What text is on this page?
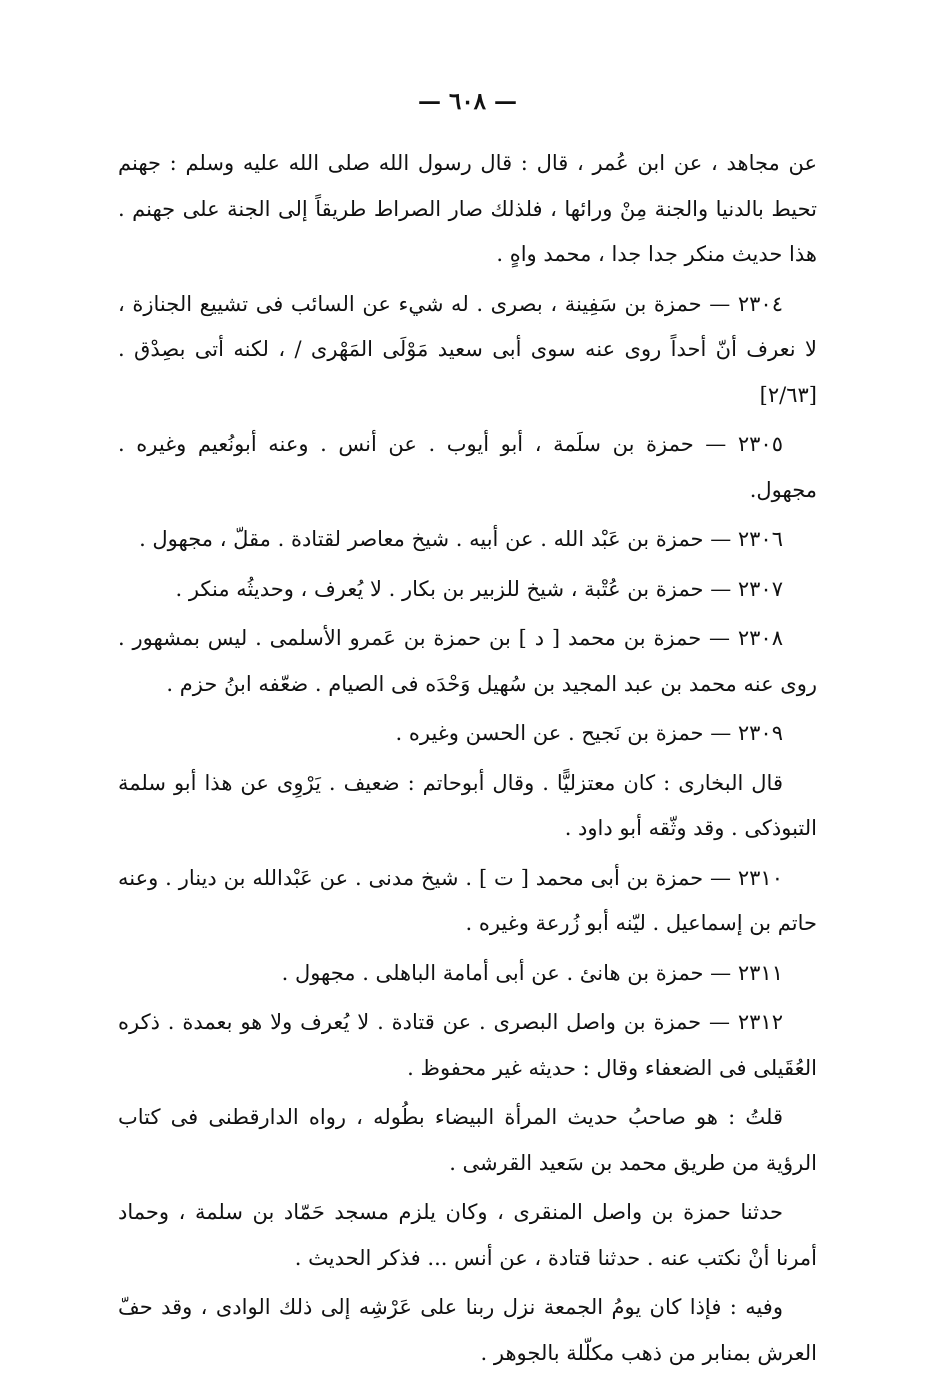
— ٦٠٨ —

عن مجاهد ، عن ابن عُمر ، قال : قال رسول الله صلى الله عليه وسلم : جهنم تحيط بالدنيا والجنة مِنْ ورائها ، فلذلك صار الصراط طريقاً إلى الجنة على جهنم . هذا حديث منكر جدا جدا ، محمد واهٍ .

٢٣٠٤ — حمزة بن سَفِينة ، بصرى . له شيء عن السائب فى تشييع الجنازة ، لا نعرف أنّ أحداً روى عنه سوى أبى سعيد مَوْلَى المَهْرى / ، لكنه أتى بصِدْق . [٢/٦٣]

٢٣٠٥ — حمزة بن سلَمة ، أبو أيوب . عن أنس . وعنه أبونُعيم وغيره . مجهول.

٢٣٠٦ — حمزة بن عَبْد الله . عن أبيه . شيخ معاصر لقتادة . مقلّ ، مجهول .

٢٣٠٧ — حمزة بن عُتْبة ، شيخ للزبير بن بكار . لا يُعرف ، وحديثُه منكر .

٢٣٠٨ — حمزة بن محمد [ د ] بن حمزة بن عَمرو الأسلمى . ليس بمشهور . روى عنه محمد بن عبد المجيد بن سُهيل وَحْدَه فى الصيام . ضعّفه ابنُ حزم .

٢٣٠٩ — حمزة بن نَجيح . عن الحسن وغيره .

قال البخارى : كان معتزليًّا . وقال أبوحاتم : ضعيف . يَرْوِى عن هذا أبو سلمة التبوذكى . وقد وثّقه أبو داود .

٢٣١٠ — حمزة بن أبى محمد [ ت ] . شيخ مدنى . عن عَبْدالله بن دينار . وعنه حاتم بن إسماعيل . ليّنه أبو زُرعة وغيره .

٢٣١١ — حمزة بن هانئ . عن أبى أمامة الباهلى . مجهول .

٢٣١٢ — حمزة بن واصل البصرى . عن قتادة . لا يُعرف ولا هو بعمدة . ذكره العُقَيلى فى الضعفاء وقال : حديثه غير محفوظ .

قلتُ : هو صاحبُ حديث المرأة البيضاء بطُوله ، رواه الدارقطنى فى كتاب الرؤية من طريق محمد بن سَعيد القرشى .

حدثنا حمزة بن واصل المنقرى ، وكان يلزم مسجد حَمّاد بن سلمة ، وحماد أمرنا أنْ نكتب عنه . حدثنا قتادة ، عن أنس ... فذكر الحديث .

وفيه : فإذا كان يومُ الجمعة نزل ربنا على عَرْشِه إلى ذلك الوادى ، وقد حفّ العرش بمنابر من ذهب مكلّلة بالجوهر .
